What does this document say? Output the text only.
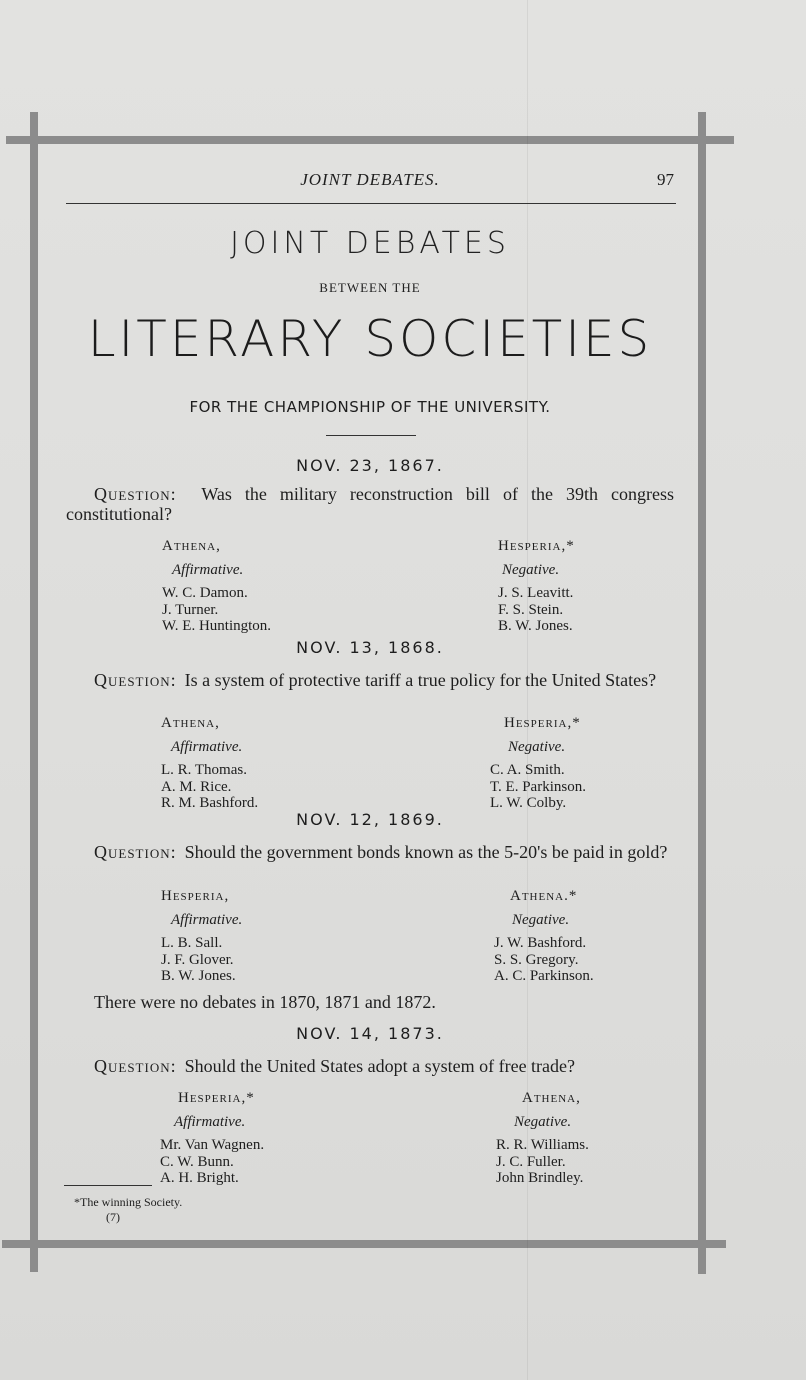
JOINT DEBATES.	97
JOINT DEBATES
BETWEEN THE
LITERARY SOCIETIES
FOR THE CHAMPIONSHIP OF THE UNIVERSITY.
NOV. 23, 1867.
Question:  Was the military reconstruction bill of the 39th congress constitutional?
Athena,
Affirmative.
W. C. Damon.
J. Turner.
W. E. Huntington.
Hesperia,*
Negative.
J. S. Leavitt.
F. S. Stein.
B. W. Jones.
NOV. 13, 1868.
Question:  Is a system of protective tariff a true policy for the United States?
Athena,
Affirmative.
L. R. Thomas.
A. M. Rice.
R. M. Bashford.
Hesperia,*
Negative.
C. A. Smith.
T. E. Parkinson.
L. W. Colby.
NOV. 12, 1869.
Question:  Should the government bonds known as the 5-20's be paid in gold?
Hesperia,
Affirmative.
L. B. Sall.
J. F. Glover.
B. W. Jones.
Athena.*
Negative.
J. W. Bashford.
S. S. Gregory.
A. C. Parkinson.
There were no debates in 1870, 1871 and 1872.
NOV. 14, 1873.
Question:  Should the United States adopt a system of free trade?
Hesperia,*
Affirmative.
Mr. Van Wagnen.
C. W. Bunn.
A. H. Bright.
Athena,
Negative.
R. R. Williams.
J. C. Fuller.
John Brindley.
*The winning Society.
(7)
